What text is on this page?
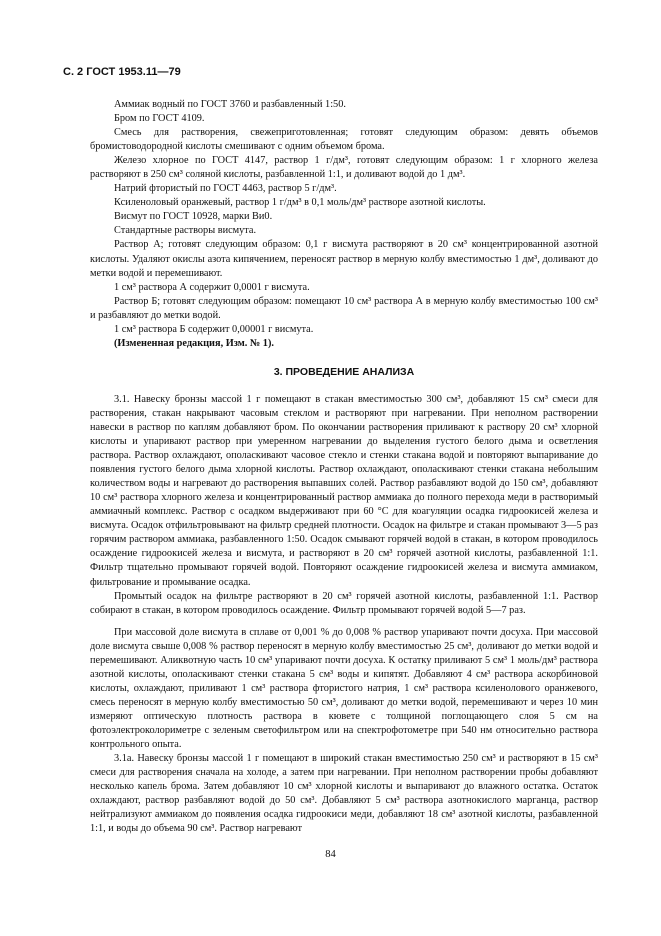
С. 2 ГОСТ 1953.11—79

Аммиак водный по ГОСТ 3760 и разбавленный 1:50.

Бром по ГОСТ 4109.

Смесь для растворения, свежеприготовленная; готовят следующим образом: девять объемов бромистоводородной кислоты смешивают с одним объемом брома.

Железо хлорное по ГОСТ 4147, раствор 1 г/дм³, готовят следующим образом: 1 г хлорного железа растворяют в 250 см³ соляной кислоты, разбавленной 1:1, и доливают водой до 1 дм³.

Натрий фтористый по ГОСТ 4463, раствор 5 г/дм³.

Ксиленоловый оранжевый, раствор 1 г/дм³ в 0,1 моль/дм³ растворе азотной кислоты.

Висмут по ГОСТ 10928, марки Ви0.

Стандартные растворы висмута.

Раствор А; готовят следующим образом: 0,1 г висмута растворяют в 20 см³ концентрированной азотной кислоты. Удаляют окислы азота кипячением, переносят раствор в мерную колбу вместимостью 1 дм³, доливают до метки водой и перемешивают.

1 см³ раствора А содержит 0,0001 г висмута.

Раствор Б; готовят следующим образом: помещают 10 см³ раствора А в мерную колбу вместимостью 100 см³ и разбавляют до метки водой.

1 см³ раствора Б содержит 0,00001 г висмута.

(Измененная редакция, Изм. № 1).

3. ПРОВЕДЕНИЕ АНАЛИЗА

3.1. Навеску бронзы массой 1 г помещают в стакан вместимостью 300 см³, добавляют 15 см³ смеси для растворения, стакан накрывают часовым стеклом и растворяют при нагревании. При неполном растворении навески в раствор по каплям добавляют бром. По окончании растворения приливают к раствору 20 см³ хлорной кислоты и упаривают раствор при умеренном нагревании до выделения густого белого дыма и осветления раствора. Раствор охлаждают, ополаскивают часовое стекло и стенки стакана водой и повторяют выпаривание до появления густого белого дыма хлорной кислоты. Раствор охлаждают, ополаскивают стенки стакана небольшим количеством воды и нагревают до растворения выпавших солей. Раствор разбавляют водой до 150 см³, добавляют 10 см³ раствора хлорного железа и концентрированный раствор аммиака до полного перехода меди в растворимый аммиачный комплекс. Раствор с осадком выдерживают при 60 °С для коагуляции осадка гидроокисей железа и висмута. Осадок отфильтровывают на фильтр средней плотности. Осадок на фильтре и стакан промывают 3—5 раз горячим раствором аммиака, разбавленного 1:50. Осадок смывают горячей водой в стакан, в котором проводилось осаждение гидроокисей железа и висмута, и растворяют в 20 см³ горячей азотной кислоты, разбавленной 1:1. Фильтр тщательно промывают горячей водой. Повторяют осаждение гидроокисей железа и висмута аммиаком, фильтрование и промывание осадка.

Промытый осадок на фильтре растворяют в 20 см³ горячей азотной кислоты, разбавленной 1:1. Раствор собирают в стакан, в котором проводилось осаждение. Фильтр промывают горячей водой 5—7 раз.

При массовой доле висмута в сплаве от 0,001 % до 0,008 % раствор упаривают почти досуха. При массовой доле висмута свыше 0,008 % раствор переносят в мерную колбу вместимостью 25 см³, доливают до метки водой и перемешивают. Аликвотную часть 10 см³ упаривают почти досуха. К остатку приливают 5 см³ 1 моль/дм³ раствора азотной кислоты, ополаскивают стенки стакана 5 см³ воды и кипятят. Добавляют 4 см³ раствора аскорбиновой кислоты, охлаждают, приливают 1 см³ раствора фтористого натрия, 1 см³ раствора ксиленолового оранжевого, смесь переносят в мерную колбу вместимостью 50 см³, доливают до метки водой, перемешивают и через 10 мин измеряют оптическую плотность раствора в кювете с толщиной поглощающего слоя 5 см на фотоэлектроколориметре с зеленым светофильтром или на спектрофотометре при 540 нм относительно раствора контрольного опыта.

3.1а. Навеску бронзы массой 1 г помещают в широкий стакан вместимостью 250 см³ и растворяют в 15 см³ смеси для растворения сначала на холоде, а затем при нагревании. При неполном растворении пробы добавляют несколько капель брома. Затем добавляют 10 см³ хлорной кислоты и выпаривают до влажного остатка. Остаток охлаждают, раствор разбавляют водой до 50 см³. Добавляют 5 см³ раствора азотнокислого марганца, раствор нейтрализуют аммиаком до появления осадка гидроокиси меди, добавляют 18 см³ азотной кислоты, разбавленной 1:1, и воды до объема 90 см³. Раствор нагревают

84
